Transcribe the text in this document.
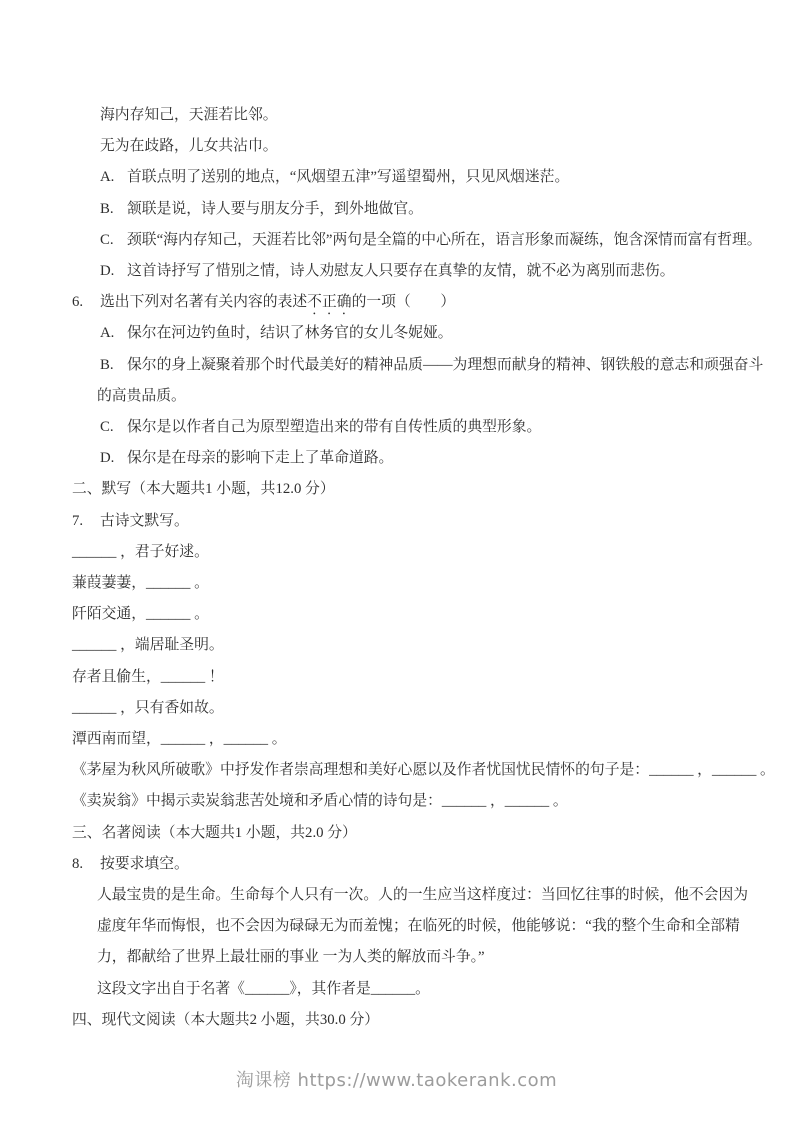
海内存知己，天涯若比邻。
无为在歧路，儿女共沾巾。
A. 首联点明了送别的地点，“风烟望五津”写遥望蜀州，只见风烟迷茫。
B. 颔联是说，诗人要与朋友分手，到外地做官。
C. 颈联“海内存知己，天涯若比邻”两句是全篇的中心所在，语言形象而凝练，饱含深情而富有哲理。
D. 这首诗抒写了惜别之情，诗人劝慰友人只要存在真挚的友情，就不必为离别而悲伤。
6. 选出下列对名著有关内容的表述不正确的一项（　　）
A. 保尔在河边钓鱼时，结识了林务官的女儿冬妮娅。
B. 保尔的身上凝聚着那个时代最美好的精神品质——为理想而献身的精神、钢铁般的意志和顽强奋斗
的高贵品质。
C. 保尔是以作者自己为原型塑造出来的带有自传性质的典型形象。
D. 保尔是在母亲的影响下走上了革命道路。
二、默写（本大题共1 小题，共12.0 分）
7. 古诗文默写。
______ ，君子好逑。
蒹葭萋萋，______ 。
阡陌交通，______ 。
______ ，端居耻圣明。
存者且偷生，______ ！
______ ，只有香如故。
潭西南而望，______ ，______ 。
《茅屋为秋风所破歌》中抒发作者崇高理想和美好心愿以及作者忧国忧民情怀的句子是：______ ，______ 。
《卖炭翁》中揭示卖炭翁悲苦处境和矛盾心情的诗句是：______ ，______ 。
三、名著阅读（本大题共1 小题，共2.0 分）
8. 按要求填空。
人最宝贵的是生命。生命每个人只有一次。人的一生应当这样度过：当回忆往事的时候，他不会因为
虚度年华而悔恨，也不会因为碌碌无为而羞愧；在临死的时候，他能够说：“我的整个生命和全部精
力，都献给了世界上最壮丽的事业 一为人类的解放而斗争。”
这段文字出自于名著《______》，其作者是______。
四、现代文阅读（本大题共2 小题，共30.0 分）
淘课榜 https://www.taokerank.com
